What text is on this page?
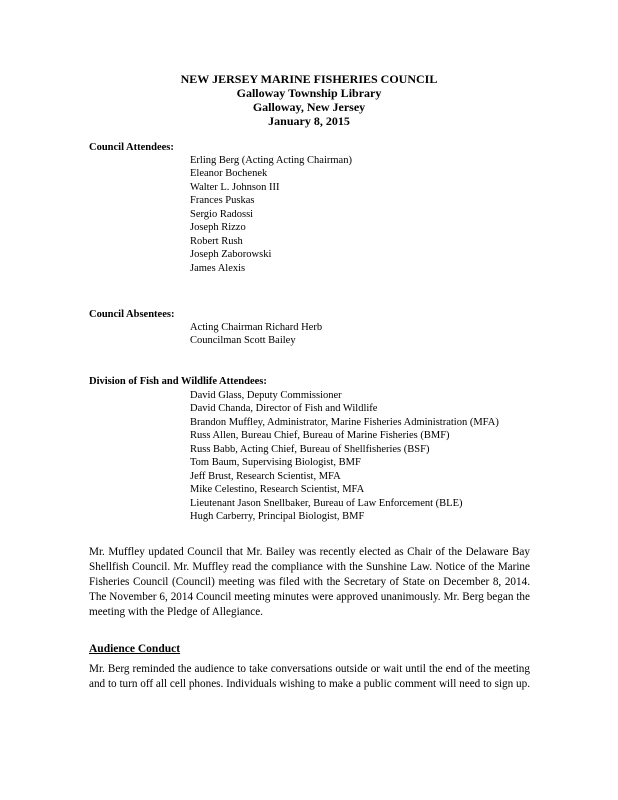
NEW JERSEY MARINE FISHERIES COUNCIL
Galloway Township Library
Galloway, New Jersey
January 8, 2015
Council Attendees:
Erling Berg (Acting Acting Chairman)
Eleanor Bochenek
Walter L. Johnson III
Frances Puskas
Sergio Radossi
Joseph Rizzo
Robert Rush
Joseph Zaborowski
James Alexis
Council Absentees:
Acting Chairman Richard Herb
Councilman Scott Bailey
Division of Fish and Wildlife Attendees:
David Glass, Deputy Commissioner
David Chanda, Director of Fish and Wildlife
Brandon Muffley, Administrator, Marine Fisheries Administration (MFA)
Russ Allen, Bureau Chief, Bureau of Marine Fisheries (BMF)
Russ Babb, Acting Chief, Bureau of Shellfisheries (BSF)
Tom Baum, Supervising Biologist, BMF
Jeff Brust, Research Scientist, MFA
Mike Celestino, Research Scientist, MFA
Lieutenant Jason Snellbaker, Bureau of Law Enforcement (BLE)
Hugh Carberry, Principal Biologist, BMF

Mr. Muffley updated Council that Mr. Bailey was recently elected as Chair of the Delaware Bay Shellfish Council. Mr. Muffley read the compliance with the Sunshine Law. Notice of the Marine Fisheries Council (Council) meeting was filed with the Secretary of State on December 8, 2014. The November 6, 2014 Council meeting minutes were approved unanimously. Mr. Berg began the meeting with the Pledge of Allegiance.

Audience Conduct

Mr. Berg reminded the audience to take conversations outside or wait until the end of the meeting and to turn off all cell phones. Individuals wishing to make a public comment will need to sign up.
